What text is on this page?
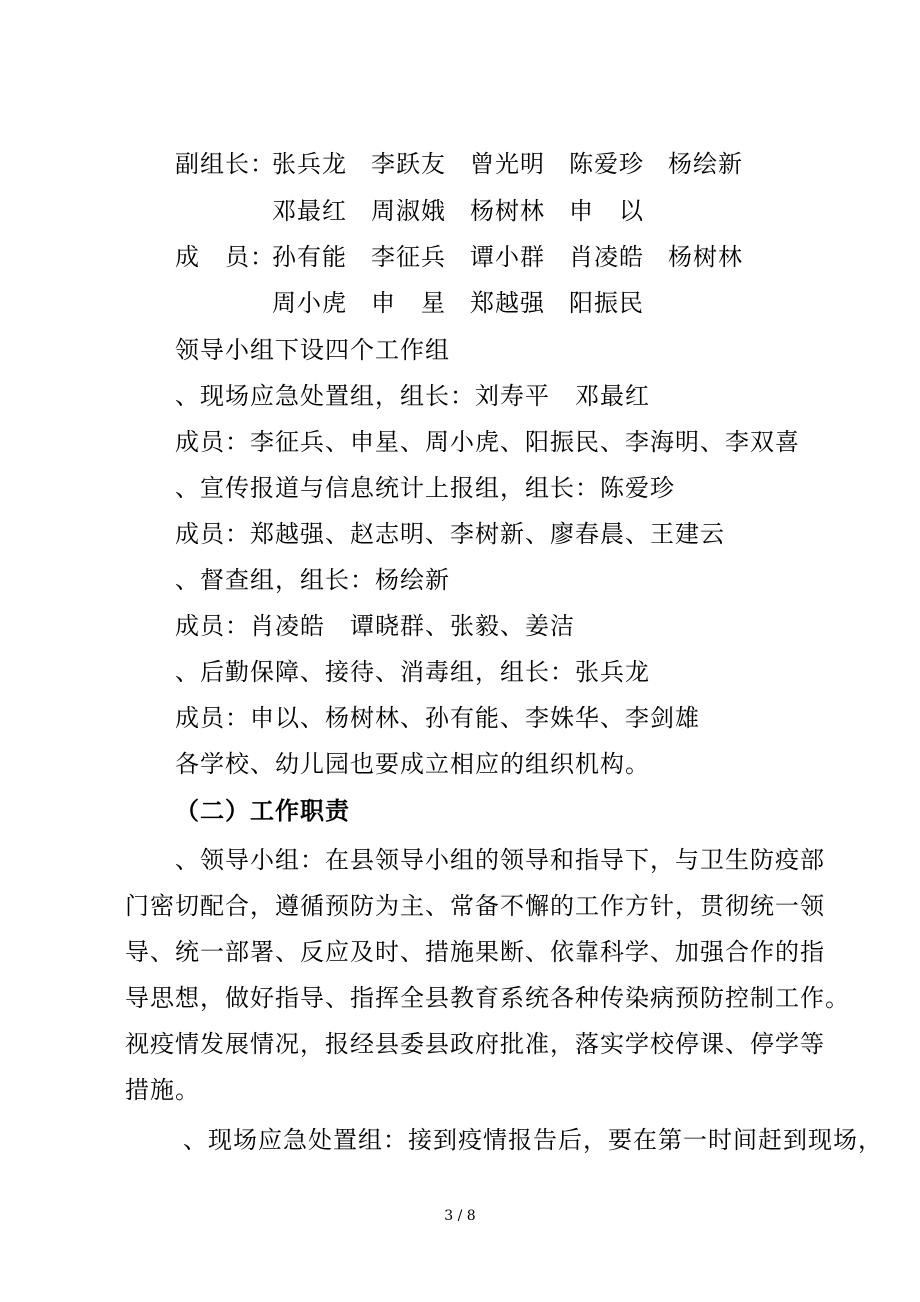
副组长：
张兵龙	李跃友	曾光明	陈爱珍	杨绘新
邓最红	周淑娥	杨树林	申　以
成　员：
孙有能	李征兵	谭小群	肖凌皓	杨树林
周小虎	申　星	郑越强	阳振民
领导小组下设四个工作组
、现场应急处置组，组长：刘寿平　邓最红
成员：李征兵、申星、周小虎、阳振民、李海明、李双喜
、宣传报道与信息统计上报组，组长：陈爱珍
成员：郑越强、赵志明、李树新、廖春晨、王建云
、督查组，组长：杨绘新
成员：肖凌皓　谭晓群、张毅、姜洁
、后勤保障、接待、消毒组，组长：张兵龙
成员：申以、杨树林、孙有能、李姝华、李剑雄
各学校、幼儿园也要成立相应的组织机构。
（二）工作职责
、领导小组：在县领导小组的领导和指导下，与卫生防疫部
门密切配合，遵循预防为主、常备不懈的工作方针，贯彻统一领
导、统一部署、反应及时、措施果断、依靠科学、加强合作的指
导思想，做好指导、指挥全县教育系统各种传染病预防控制工作。
视疫情发展情况，报经县委县政府批准，落实学校停课、停学等
措施。
、现场应急处置组：接到疫情报告后，要在第一时间赶到现场，
3 / 8
